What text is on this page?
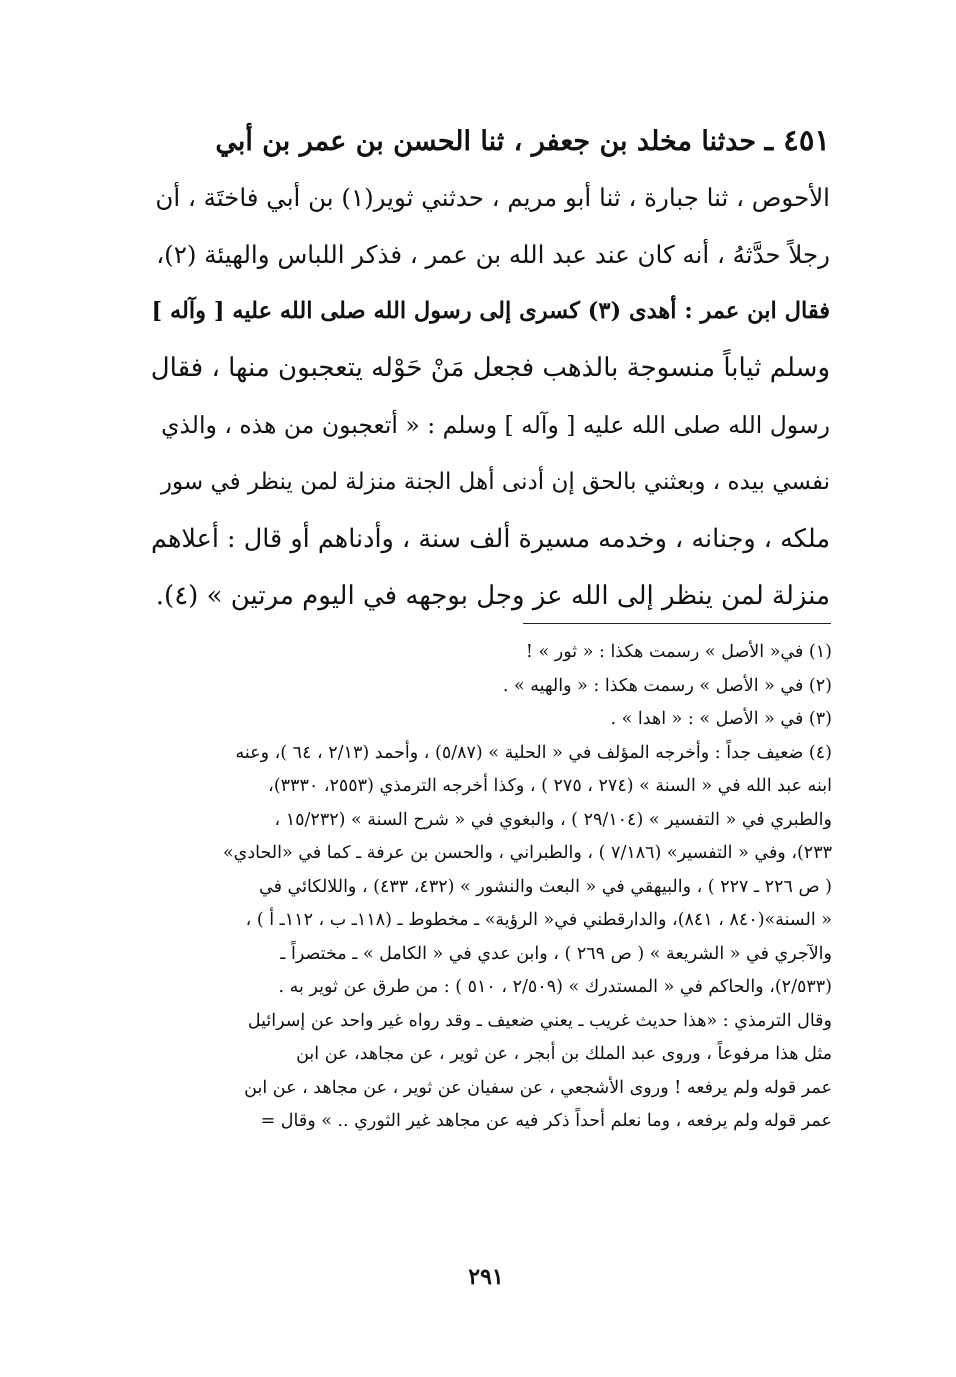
٤٥١ ـ حدثنا مخلد بن جعفر ، ثنا الحسن بن عمر بن أبي
الأحوص ، ثنا جبارة ، ثنا أبو مريم ، حدثني ثوير(١) بن أبي فاختَة ، أن
رجلاً حدَّثهُ ، أنه كان عند عبد الله بن عمر ، فذكر اللباس والهيئة (٢)،
فقال ابن عمر : أهدى (٣) كسرى إلى رسول الله صلى الله عليه [ وآله ]
وسلم ثياباً منسوجة بالذهب فجعل مَنْ حَوْله يتعجبون منها ، فقال
رسول الله صلى الله عليه [ وآله ] وسلم : « أتعجبون من هذه ، والذي
نفسي بيده ، وبعثني بالحق إن أدنى أهل الجنة منزلة لمن ينظر في سور
ملكه ، وجنانه ، وخدمه مسيرة ألف سنة ، وأدناهم أو قال : أعلاهم
منزلة لمن ينظر إلى الله عز وجل بوجهه في اليوم مرتين » (٤).
(١) في« الأصل » رسمت هكذا : « ثور » !
(٢) في « الأصل » رسمت هكذا : « والهيه » .
(٣) في « الأصل » : « اهدا » .
(٤) ضعيف جداً : وأخرجه المؤلف في « الحلية » (٥/٨٧) ، وأحمد (٢/١٣ ، ٦٤ )، وعنه
ابنه عبد الله في « السنة » (٢٧٤ ، ٢٧٥ ) ، وكذا أخرجه الترمذي (٢٥٥٣، ٣٣٣٠)،
والطبري في « التفسير » (٢٩/١٠٤ ) ، والبغوي في « شرح السنة » (١٥/٢٣٢ ،
٢٣٣)، وفي « التفسير» (٧/١٨٦ ) ، والطبراني ، والحسن بن عرفة ـ كما في «الحادي»
( ص ٢٢٦ ـ ٢٢٧ ) ، والبيهقي في « البعث والنشور » (٤٣٢، ٤٣٣) ، واللالكائي في
« السنة»(٨٤٠ ، ٨٤١)، والدارقطني في« الرؤية» ـ مخطوط ـ (١١٨ـ ب ، ١١٢ـ أ ) ،
والآجري في « الشريعة » ( ص ٢٦٩ ) ، وابن عدي في « الكامل » ـ مختصراً ـ
(٢/٥٣٣)، والحاكم في « المستدرك » (٢/٥٠٩ ، ٥١٠ ) : من طرق عن ثوير به .
وقال الترمذي : «هذا حديث غريب ـ يعني ضعيف ـ وقد رواه غير واحد عن إسرائيل
مثل هذا مرفوعاً ، وروى عبد الملك بن أبجر ، عن ثوير ، عن مجاهد، عن ابن
عمر قوله ولم يرفعه ! وروى الأشجعي ، عن سفيان عن ثوير ، عن مجاهد ، عن ابن
عمر قوله ولم يرفعه ، وما نعلم أحداً ذكر فيه عن مجاهد غير الثوري .. » وقال =
٢٩١
